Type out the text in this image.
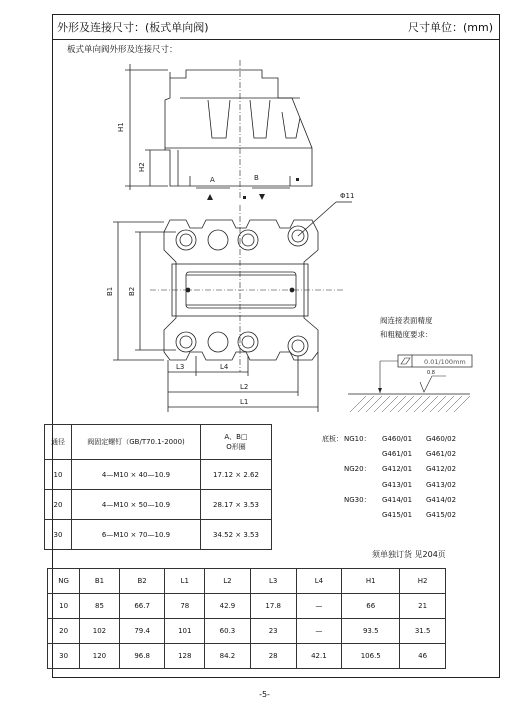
外形及连接尺寸：(板式单向阀)	尺寸单位：(mm)
板式单向阀外形及连接尺寸：
H1
H2
A	B
Φ11
B1 B2
L3	L4
L2
L1
0.01/100mm
0.8
阀连接表面精度
和粗糙度要求：
通径	阀固定螺钉（GB/T70.1-2000)	A、B□
O形圈
10	4—M10 × 40—10.9	17.12 × 2.62
20	4—M10 × 50—10.9	28.17 × 3.53
30	6—M10 × 70—10.9	34.52 × 3.53
底板： NG10： G460/01 G460/02
G461/01 G461/02
NG20： G412/01 G412/02
G413/01 G413/02
NG30： G414/01 G414/02
G415/01 G415/02
须单独订货 见204页
NG	B1	B2	L1	L2	L3	L4	H1	H2
10	85	66.7	78	42.9	17.8	—	66	21
20	102	79.4	101	60.3	23	—	93.5	31.5
30	120	96.8	128	84.2	28	42.1	106.5	46
-5-
